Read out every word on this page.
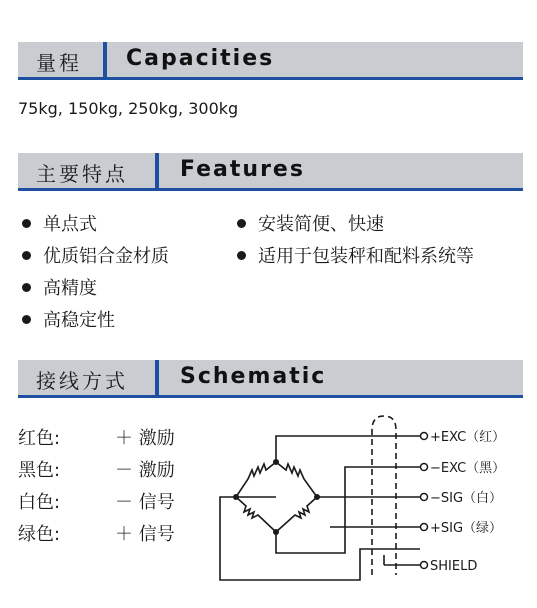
量程 Capacities
75kg, 150kg, 250kg, 300kg
主要特点 Features
单点式
优质铝合金材质
高精度
高稳定性
安装简便、快速
适用于包装秤和配料系统等
接线方式 Schematic
红色:	＋ 激励
黑色:	－ 激励
白色:	－ 信号
绿色:	＋ 信号
+EXC（红）
−EXC（黑）
−SIG（白）
+SIG（绿）
SHIELD
